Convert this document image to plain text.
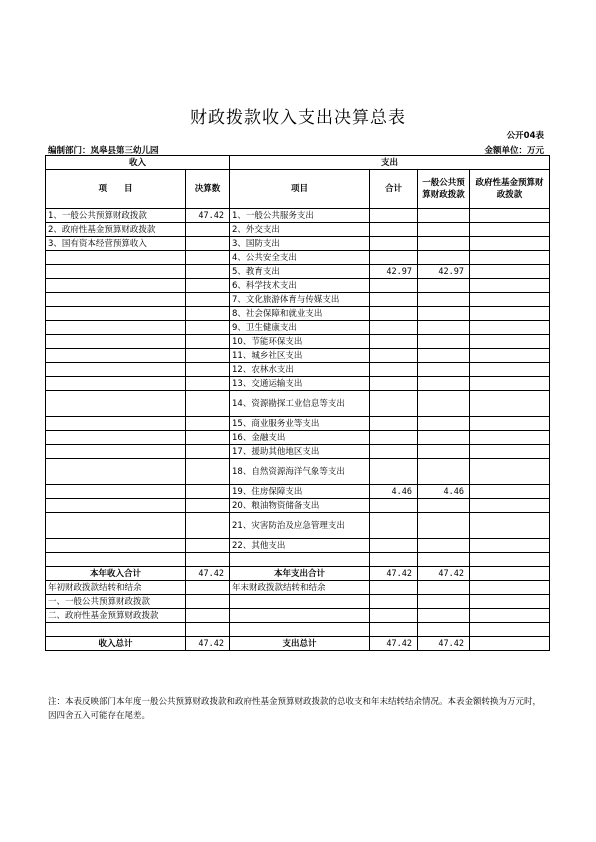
财政拨款收入支出决算总表
公开04表
编制部门：岚皋县第三幼儿园	金额单位：万元
收入		支出			
项　　目	决算数	项目	合计	一般公共预算财政拨款	政府性基金预算财政拨款
1、一般公共预算财政拨款	47.42	1、一般公共服务支出			
2、政府性基金预算财政拨款		2、外交支出			
3、国有资本经营预算收入		3、国防支出			
		4、公共安全支出			
		5、教育支出	42.97	42.97	
		6、科学技术支出			
		7、文化旅游体育与传媒支出			
		8、社会保障和就业支出			
		9、卫生健康支出			
		10、节能环保支出			
		11、城乡社区支出			
		12、农林水支出			
		13、交通运输支出			
		14、资源勘探工业信息等支出			
		15、商业服务业等支出			
		16、金融支出			
		17、援助其他地区支出			
		18、自然资源海洋气象等支出			
		19、住房保障支出	4.46	4.46	
		20、粮油物资储备支出			
		21、灾害防治及应急管理支出			
		22、其他支出			

本年收入合计	47.42	本年支出合计	47.42	47.42	
年初财政拨款结转和结余		年末财政拨款结转和结余			
一、一般公共预算财政拨款					
二、政府性基金预算财政拨款					

收入总计	47.42	支出总计	47.42	47.42	
注：本表反映部门本年度一般公共预算财政拨款和政府性基金预算财政拨款的总收支和年末结转结余情况。本表金额转换为万元时，因四舍五入可能存在尾差。
